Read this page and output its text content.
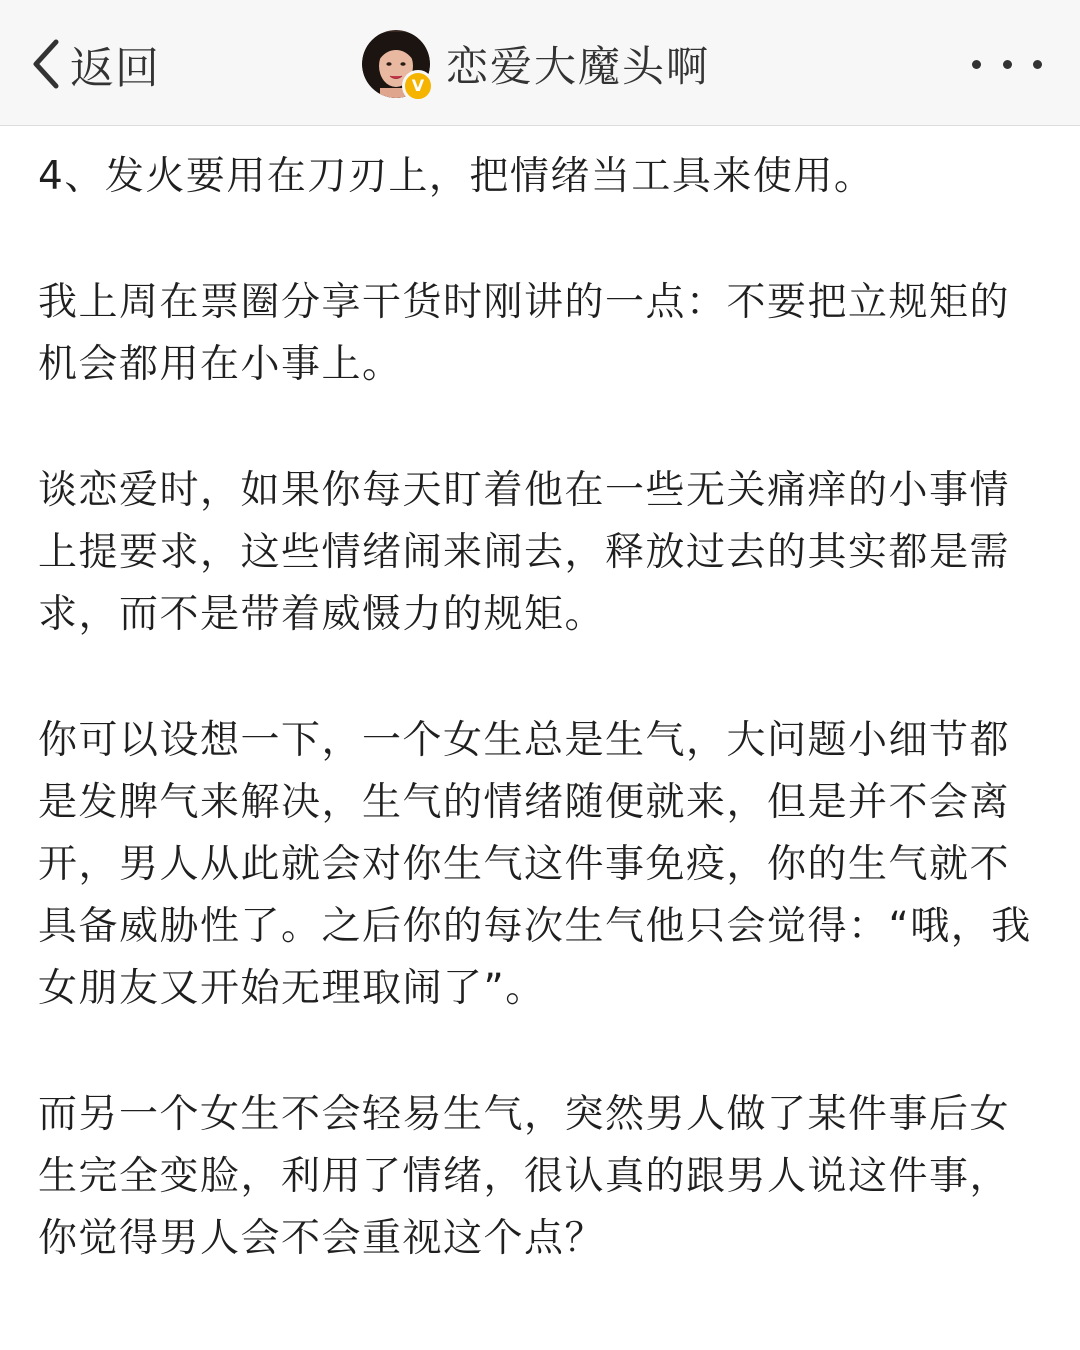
返回	V 恋爱大魔头啊

4、发火要用在刀刃上，把情绪当工具来使用。

我上周在票圈分享干货时刚讲的一点：不要把立规矩的机会都用在小事上。

谈恋爱时，如果你每天盯着他在一些无关痛痒的小事情上提要求，这些情绪闹来闹去，释放过去的其实都是需求，而不是带着威慑力的规矩。

你可以设想一下，一个女生总是生气，大问题小细节都是发脾气来解决，生气的情绪随便就来，但是并不会离开，男人从此就会对你生气这件事免疫，你的生气就不具备威胁性了。之后你的每次生气他只会觉得：“哦，我女朋友又开始无理取闹了”。

而另一个女生不会轻易生气，突然男人做了某件事后女生完全变脸，利用了情绪，很认真的跟男人说这件事，你觉得男人会不会重视这个点？
